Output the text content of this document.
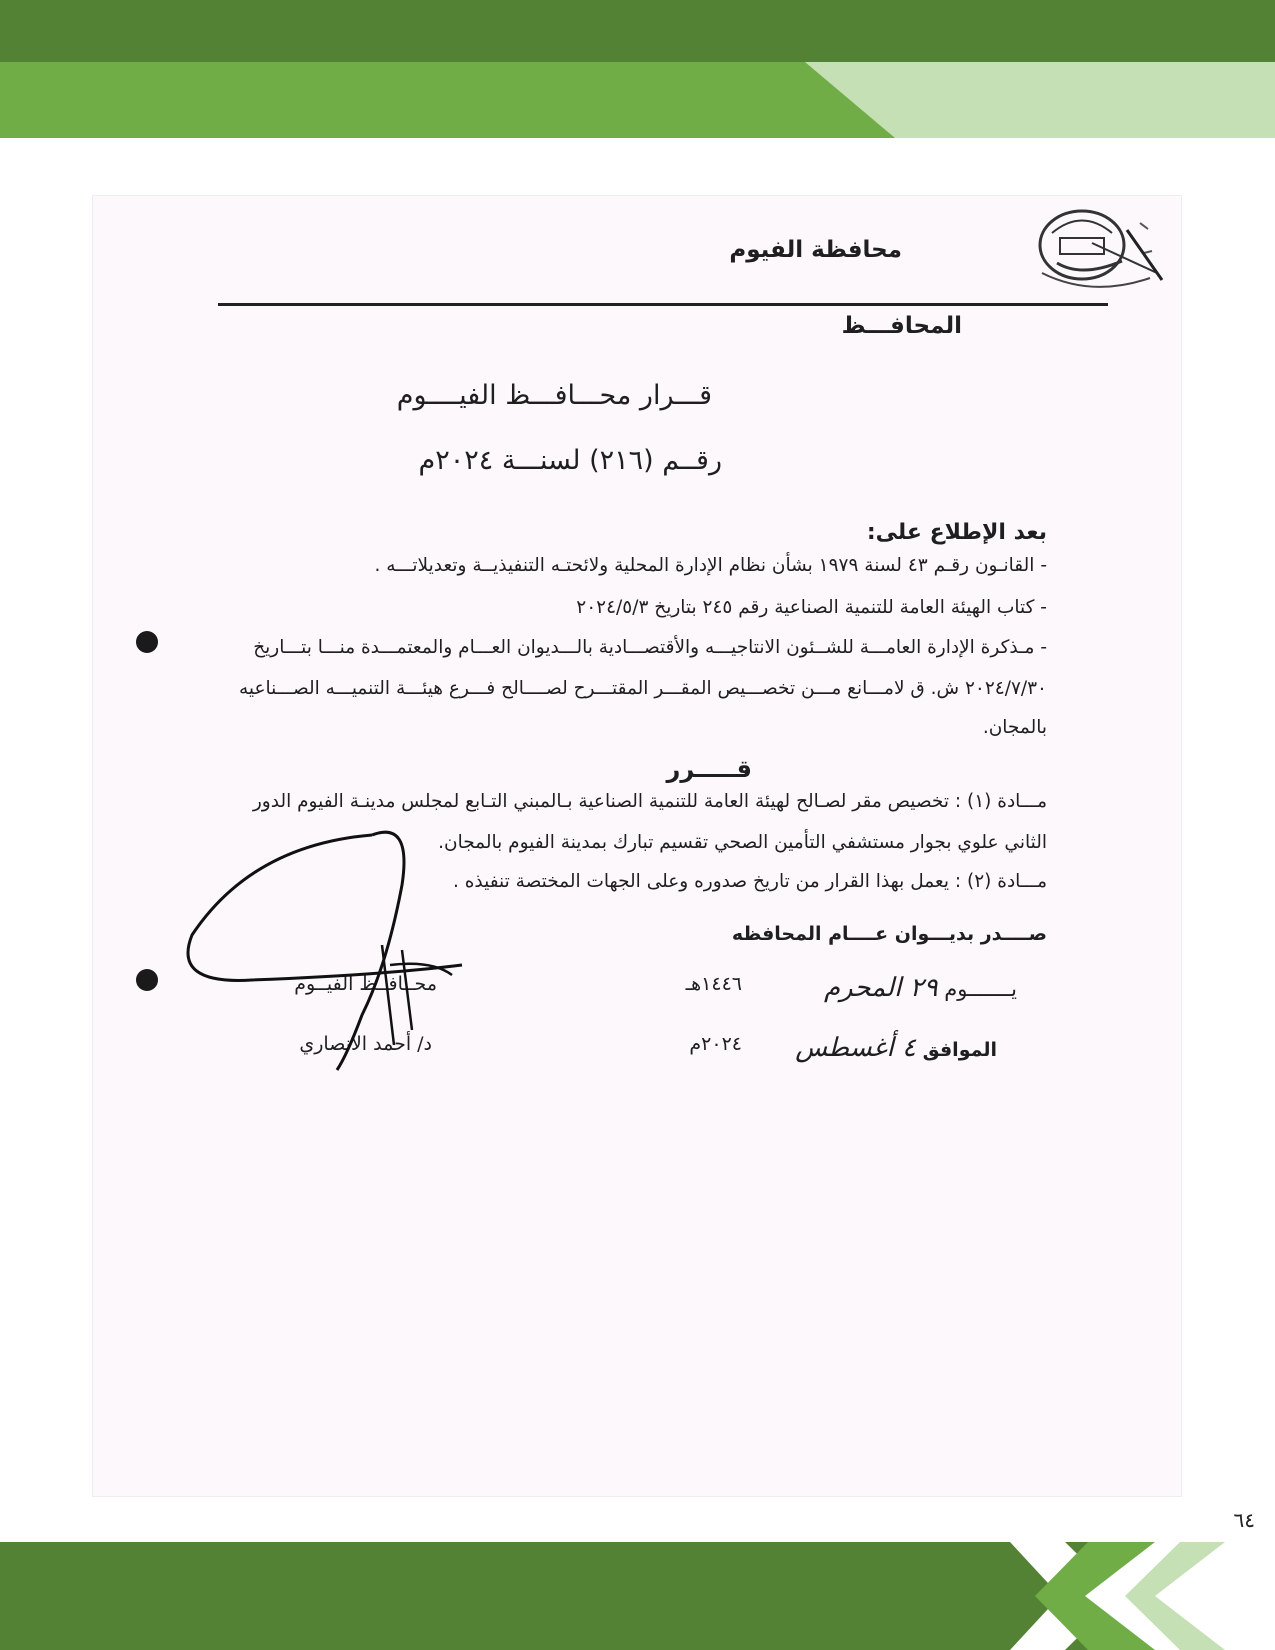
محافظة الفيوم
المحافـــظ
قـــرار محـــافـــظ الفيــــوم
رقــم (٢١٦) لسنـــة ٢٠٢٤م
بعد الإطلاع على:
- القانـون رقـم ٤٣ لسنة ١٩٧٩ بشأن نظام الإدارة المحلية ولائحتـه التنفيذيــة وتعديلاتـــه .
- كتاب الهيئة العامة للتنمية الصناعية رقم ٢٤٥ بتاريخ ٢٠٢٤/٥/٣
- مـذكرة الإدارة العامـــة للشــئون الانتاجيـــه والأقتصـــادية بالـــديوان العـــام والمعتمـــدة منـــا بتـــاريخ
٢٠٢٤/٧/٣٠ ش. ق لامـــانع مـــن تخصـــيص المقـــر المقتـــرح لصــــالح فـــرع هيئـــة التنميـــه الصـــناعيه
بالمجان.
قـــــرر
مـــادة (١) : تخصيص مقر لصـالح لهيئة العامة للتنمية الصناعية بـالمبني التـابع لمجلس مدينـة الفيوم الدور
الثاني علوي بجوار مستشفي التأمين الصحي تقسيم تبارك بمدينة الفيوم بالمجان.
مـــادة (٢) : يعمل بهذا القرار من تاريخ صدوره وعلى الجهات المختصة تنفيذه .
صــــدر بديـــوان عــــام المحافظه
يـــــــوم ٢٩ المحرم
١٤٤٦هـ
الموافق ٤ أغسطس
٢٠٢٤م
محــافــظ الفيــوم
د/ أحمد الانصاري
٦٤
